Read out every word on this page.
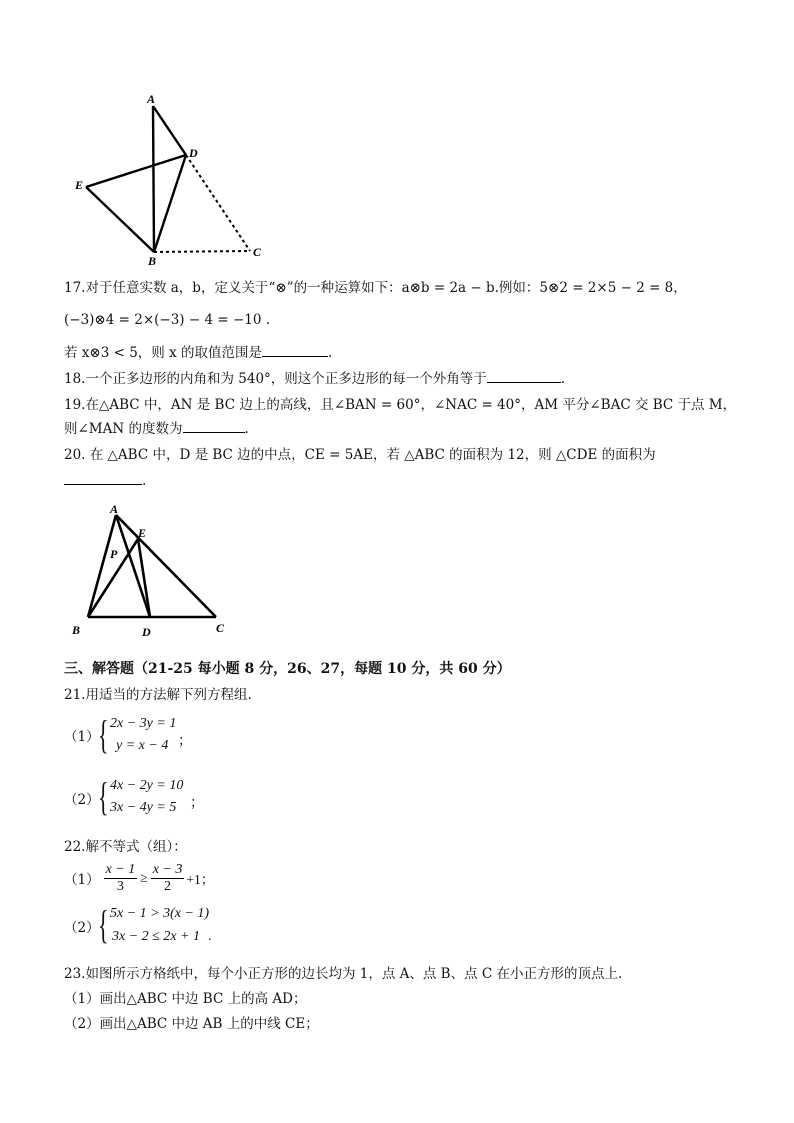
A
D
E
B
C
17.对于任意实数 a，b，定义关于“⊗”的一种运算如下：a⊗b = 2a − b.例如：5⊗2 = 2×5 − 2 = 8，
(−3)⊗4 = 2×(−3) − 4 = −10 .
若 x⊗3 < 5，则 x 的取值范围是	.
18.一个正多边形的内角和为 540°，则这个正多边形的每一个外角等于	.
19.在△ABC 中，AN 是 BC 边上的高线，且∠BAN = 60°，∠NAC = 40°，AM 平分∠BAC 交 BC 于点 M，
则∠MAN 的度数为	.
20. 在 △ABC 中，D 是 BC 边的中点，CE = 5AE，若 △ABC 的面积为 12，则 △CDE 的面积为
.
A
E
P
B	D	C
三、解答题（21-25 每小题 8 分，26、27，每题 10 分，共 60 分）
21.用适当的方法解下列方程组.
（1）
{ 2x − 3y = 1
y = x − 4 ；
（2）
{ 4x − 2y = 10
3x − 4y = 5 ；
22.解不等式（组）：
$(1) \frac{x - 1}{3} \ge \frac{x - 3}{2} +1$；
（2）
{ 5x − 1 > 3(x − 1)
3x − 2 ≤ 2x + 1 .
23.如图所示方格纸中，每个小正方形的边长均为 1，点 A、点 B、点 C 在小正方形的顶点上.
（1）画出△ABC 中边 BC 上的高 AD；
（2）画出△ABC 中边 AB 上的中线 CE；
